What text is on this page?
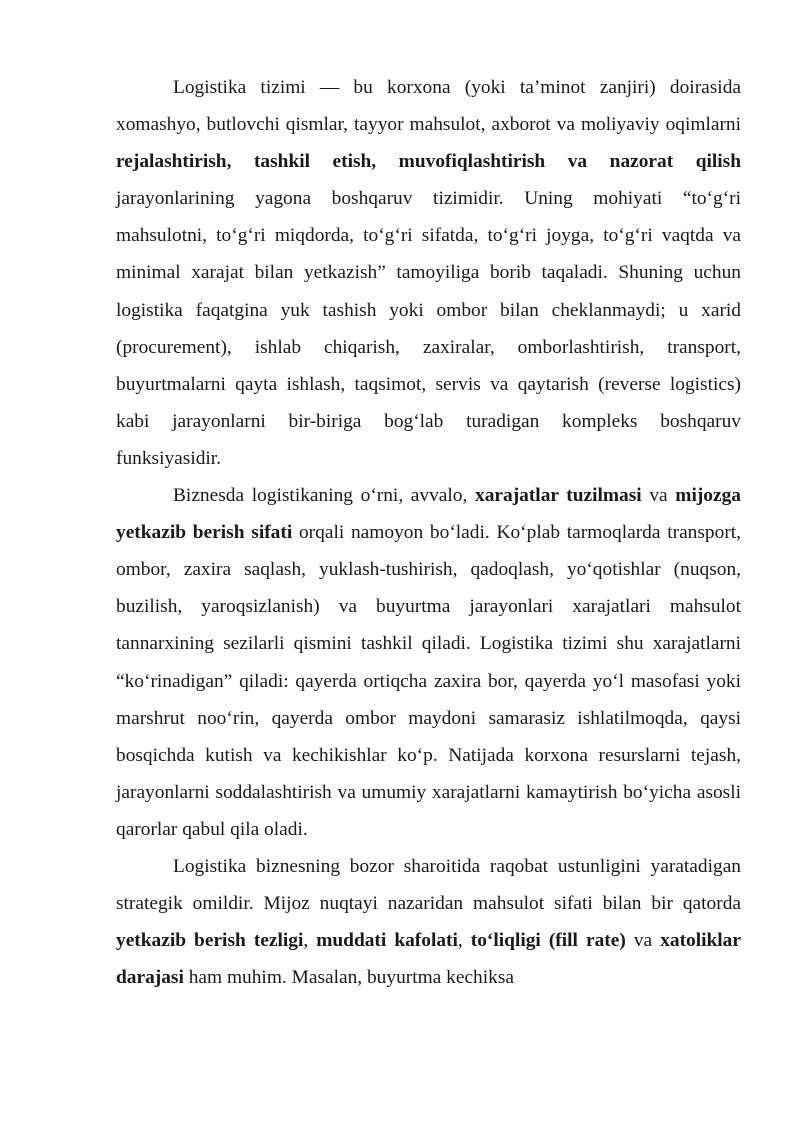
Logistika tizimi — bu korxona (yoki ta’minot zanjiri) doirasida xomashyo, butlovchi qismlar, tayyor mahsulot, axborot va moliyaviy oqimlarni rejalashtirish, tashkil etish, muvofiqlashtirish va nazorat qilish jarayonlarining yagona boshqaruv tizimidir. Uning mohiyati “to‘g‘ri mahsulotni, to‘g‘ri miqdorda, to‘g‘ri sifatda, to‘g‘ri joyga, to‘g‘ri vaqtda va minimal xarajat bilan yetkazish” tamoyiliga borib taqaladi. Shuning uchun logistika faqatgina yuk tashish yoki ombor bilan cheklanmaydi; u xarid (procurement), ishlab chiqarish, zaxiralar, omborlashtirish, transport, buyurtmalarni qayta ishlash, taqsimot, servis va qaytarish (reverse logistics) kabi jarayonlarni bir-biriga bog‘lab turadigan kompleks boshqaruv funksiyasidir.

Biznesda logistikaning o‘rni, avvalo, xarajatlar tuzilmasi va mijozga yetkazib berish sifati orqali namoyon bo‘ladi. Ko‘plab tarmoqlarda transport, ombor, zaxira saqlash, yuklash-tushirish, qadoqlash, yo‘qotishlar (nuqson, buzilish, yaroqsizlanish) va buyurtma jarayonlari xarajatlari mahsulot tannarxining sezilarli qismini tashkil qiladi. Logistika tizimi shu xarajatlarni “ko‘rinadigan” qiladi: qayerda ortiqcha zaxira bor, qayerda yo‘l masofasi yoki marshrut noo‘rin, qayerda ombor maydoni samarasiz ishlatilmoqda, qaysi bosqichda kutish va kechikishlar ko‘p. Natijada korxona resurslarni tejash, jarayonlarni soddalashtirish va umumiy xarajatlarni kamaytirish bo‘yicha asosli qarorlar qabul qila oladi.

Logistika biznesning bozor sharoitida raqobat ustunligini yaratadigan strategik omildir. Mijoz nuqtayi nazaridan mahsulot sifati bilan bir qatorda yetkazib berish tezligi, muddati kafolati, to‘liqligi (fill rate) va xatoliklar darajasi ham muhim. Masalan, buyurtma kechiksa
